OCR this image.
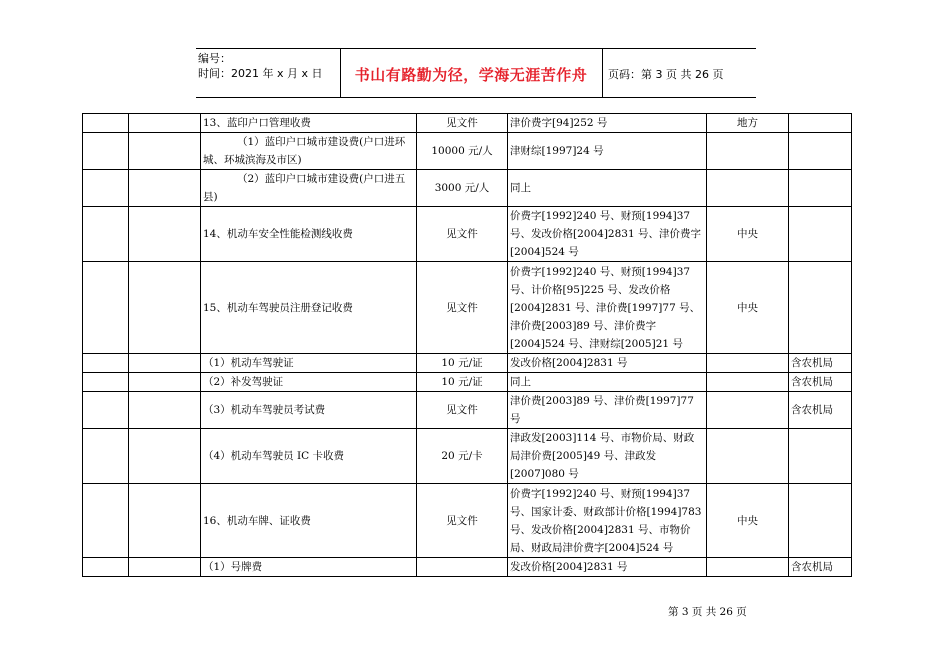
编号：
时间：2021 年 x 月 x 日	书山有路勤为径，学海无涯苦作舟	页码：第 3 页 共 26 页
		13、蓝印户口管理收费	见文件	津价费字[94]252 号	地方	
		（1）蓝印户口城市建设费(户口进环城、环城滨海及市区)	10000 元/人	津财综[1997]24 号		
		（2）蓝印户口城市建设费(户口进五县)	3000 元/人	同上		
		14、机动车安全性能检测线收费	见文件	价费字[1992]240 号、财预[1994]37 号、发改价格[2004]2831 号、津价费字[2004]524 号	中央	
		15、机动车驾驶员注册登记收费	见文件	价费字[1992]240 号、财预[1994]37 号、计价格[95]225 号、发改价格[2004]2831 号、津价费[1997]77 号、津价费[2003]89 号、津价费字[2004]524 号、津财综[2005]21 号	中央	
		（1）机动车驾驶证	10 元/证	发改价格[2004]2831 号		含农机局
		（2）补发驾驶证	10 元/证	同上		含农机局
		（3）机动车驾驶员考试费	见文件	津价费[2003]89 号、津价费[1997]77 号		含农机局
		（4）机动车驾驶员 IC 卡收费	20 元/卡	津政发[2003]114 号、市物价局、财政局津价费[2005]49 号、津政发[2007]080 号		
		16、机动车牌、证收费	见文件	价费字[1992]240 号、财预[1994]37 号、国家计委、财政部计价格[1994]783 号、发改价格[2004]2831 号、市物价局、财政局津价费字[2004]524 号	中央	
		（1）号牌费		发改价格[2004]2831 号		含农机局
第 3 页 共 26 页
